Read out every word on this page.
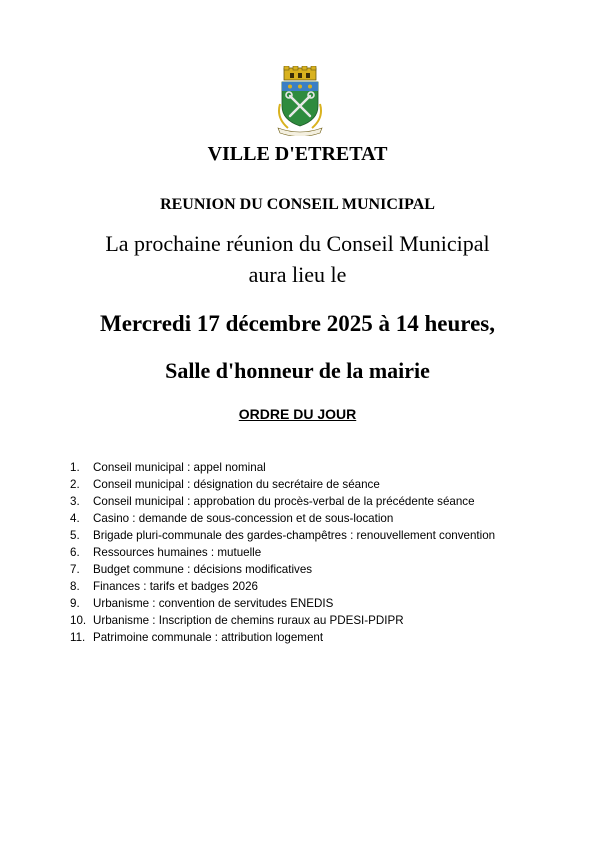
VILLE D'ETRETAT
REUNION DU CONSEIL MUNICIPAL
La prochaine réunion du Conseil Municipal
aura lieu le
Mercredi 17 décembre 2025 à 14 heures,
Salle d'honneur de la mairie
ORDRE DU JOUR
1.	Conseil municipal : appel nominal
2.	Conseil municipal : désignation du secrétaire de séance
3.	Conseil municipal : approbation du procès-verbal de la précédente séance
4.	Casino : demande de sous-concession et de sous-location
5.	Brigade pluri-communale des gardes-champêtres : renouvellement convention
6.	Ressources humaines : mutuelle
7.	Budget commune : décisions modificatives
8.	Finances : tarifs et badges 2026
9.	Urbanisme : convention de servitudes ENEDIS
10. Urbanisme : Inscription de chemins ruraux au PDESI-PDIPR
11. Patrimoine communale : attribution logement
